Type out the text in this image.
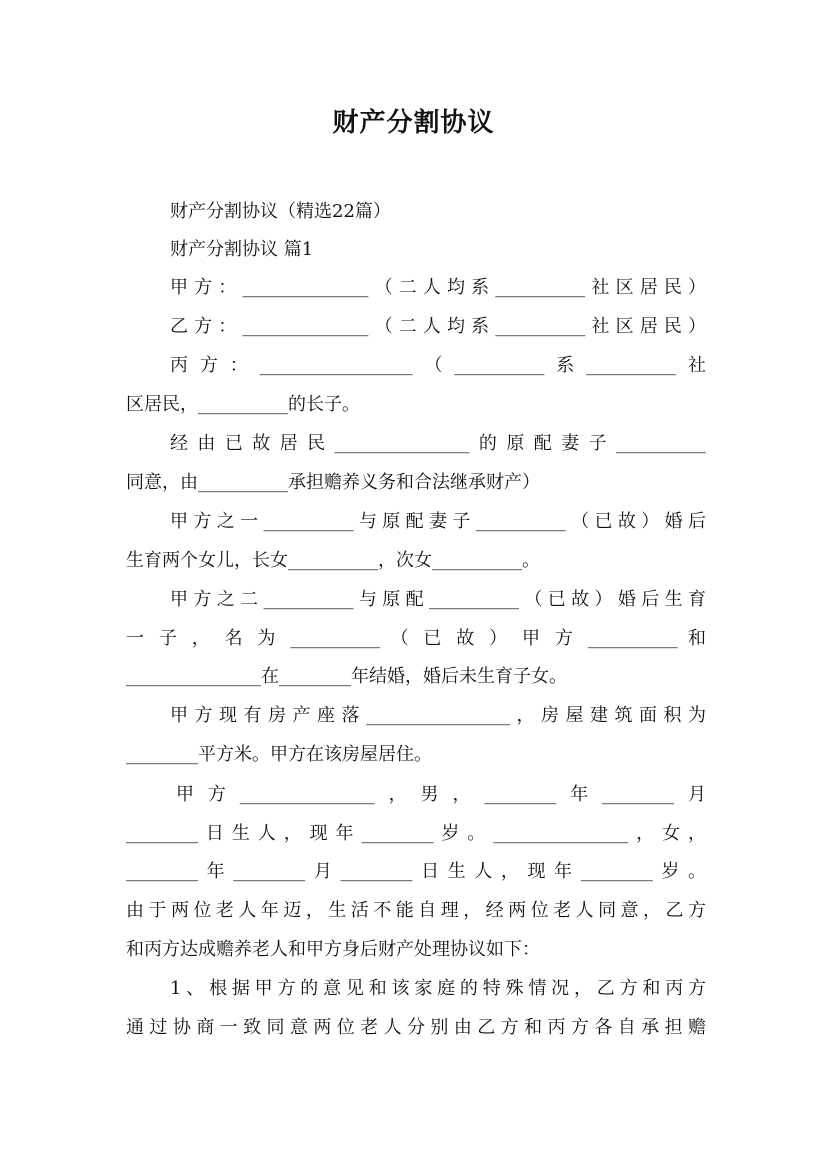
财产分割协议
财产分割协议（精选22篇）
财产分割协议 篇1
甲方：______________（二人均系__________社区居民）
乙方：______________（二人均系__________社区居民）
丙方：_________________（__________系__________社
区居民，__________的长子。
经由已故居民_______________的原配妻子__________
同意，由__________承担赡养义务和合法继承财产）
甲方之一__________与原配妻子__________（已故）婚后
生育两个女儿，长女__________，次女__________。
甲方之二__________与原配__________（已故）婚后生育
一 子 ， 名 为 __________ （ 已 故 ） 甲 方 __________ 和
_______________在________年结婚，婚后未生育子女。
甲方现有房产座落________________，房屋建筑面积为
________平方米。甲方在该房屋居住。
甲方_______________，男，________年________月
________日生人，现年________岁。_______________，女，
________年________月________日生人，现年________岁。
由于两位老人年迈，生活不能自理，经两位老人同意，乙方
和丙方达成赡养老人和甲方身后财产处理协议如下：
1、根据甲方的意见和该家庭的特殊情况，乙方和丙方
通过协商一致同意两位老人分别由乙方和丙方各自承担赡
